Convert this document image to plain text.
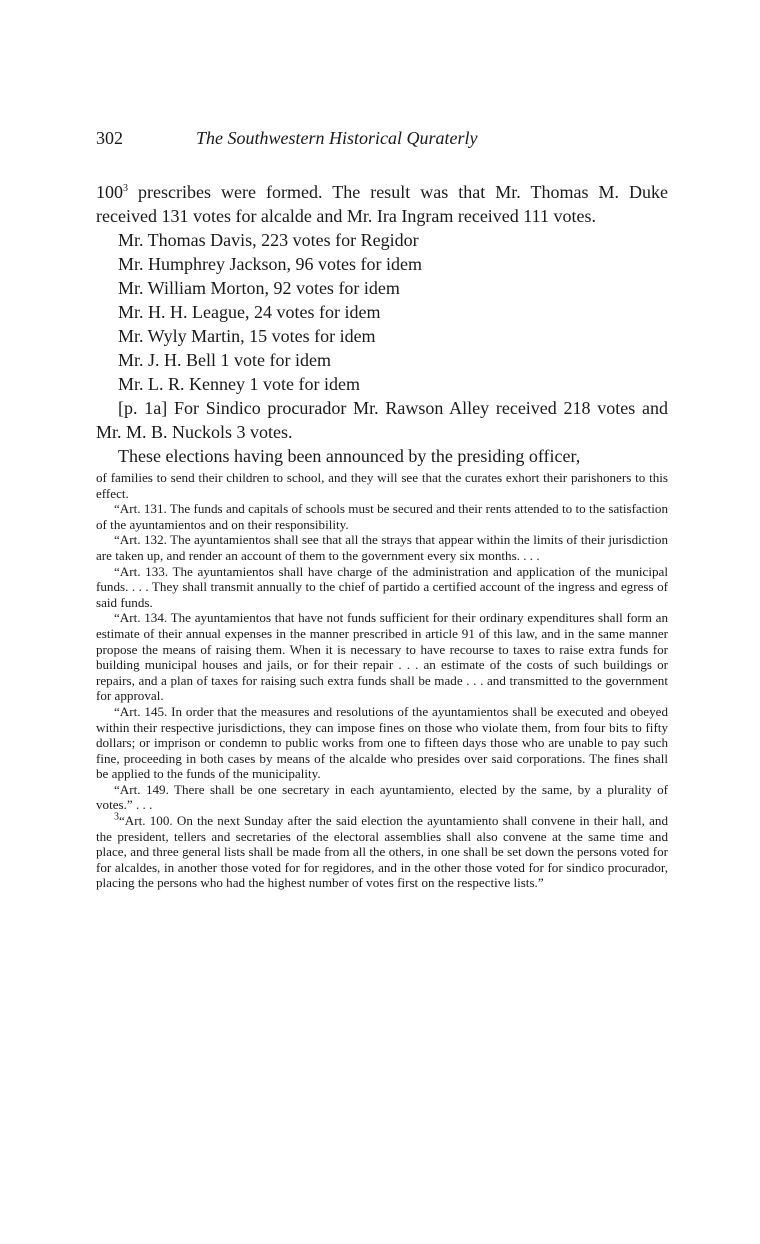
302	The Southwestern Historical Quraterly

$100^3$ prescribes were formed. The result was that Mr. Thomas M. Duke received 131 votes for alcalde and Mr. Ira Ingram received 111 votes.

Mr. Thomas Davis, 223 votes for Regidor

Mr. Humphrey Jackson, 96 votes for idem

Mr. William Morton, 92 votes for idem

Mr. H. H. League, 24 votes for idem

Mr. Wyly Martin, 15 votes for idem

Mr. J. H. Bell 1 vote for idem

Mr. L. R. Kenney 1 vote for idem

[p. 1a] For Sindico procurador Mr. Rawson Alley received 218 votes and Mr. M. B. Nuckols 3 votes.

These elections having been announced by the presiding officer,

of families to send their children to school, and they will see that the curates exhort their parishoners to this effect.

“Art. 131. The funds and capitals of schools must be secured and their rents attended to to the satisfaction of the ayuntamientos and on their responsibility.

“Art. 132. The ayuntamientos shall see that all the strays that appear within the limits of their jurisdiction are taken up, and render an account of them to the government every six months. . . .

“Art. 133. The ayuntamientos shall have charge of the administration and application of the municipal funds. . . . They shall transmit annually to the chief of partido a certified account of the ingress and egress of said funds.

“Art. 134. The ayuntamientos that have not funds sufficient for their ordinary expenditures shall form an estimate of their annual expenses in the manner prescribed in article 91 of this law, and in the same manner propose the means of raising them. When it is necessary to have recourse to taxes to raise extra funds for building municipal houses and jails, or for their repair . . . an estimate of the costs of such buildings or repairs, and a plan of taxes for raising such extra funds shall be made . . . and transmitted to the government for approval.

“Art. 145. In order that the measures and resolutions of the ayuntamientos shall be executed and obeyed within their respective jurisdictions, they can impose fines on those who violate them, from four bits to fifty dollars; or imprison or condemn to public works from one to fifteen days those who are unable to pay such fine, proceeding in both cases by means of the alcalde who presides over said corporations. The fines shall be applied to the funds of the municipality.

“Art. 149. There shall be one secretary in each ayuntamiento, elected by the same, by a plurality of votes.” . . .

$^3$“Art. 100. On the next Sunday after the said election the ayuntamiento shall convene in their hall, and the president, tellers and secretaries of the electoral assemblies shall also convene at the same time and place, and three general lists shall be made from all the others, in one shall be set down the persons voted for for alcaldes, in another those voted for for regidores, and in the other those voted for for sindico procurador, placing the persons who had the highest number of votes first on the respective lists.”
